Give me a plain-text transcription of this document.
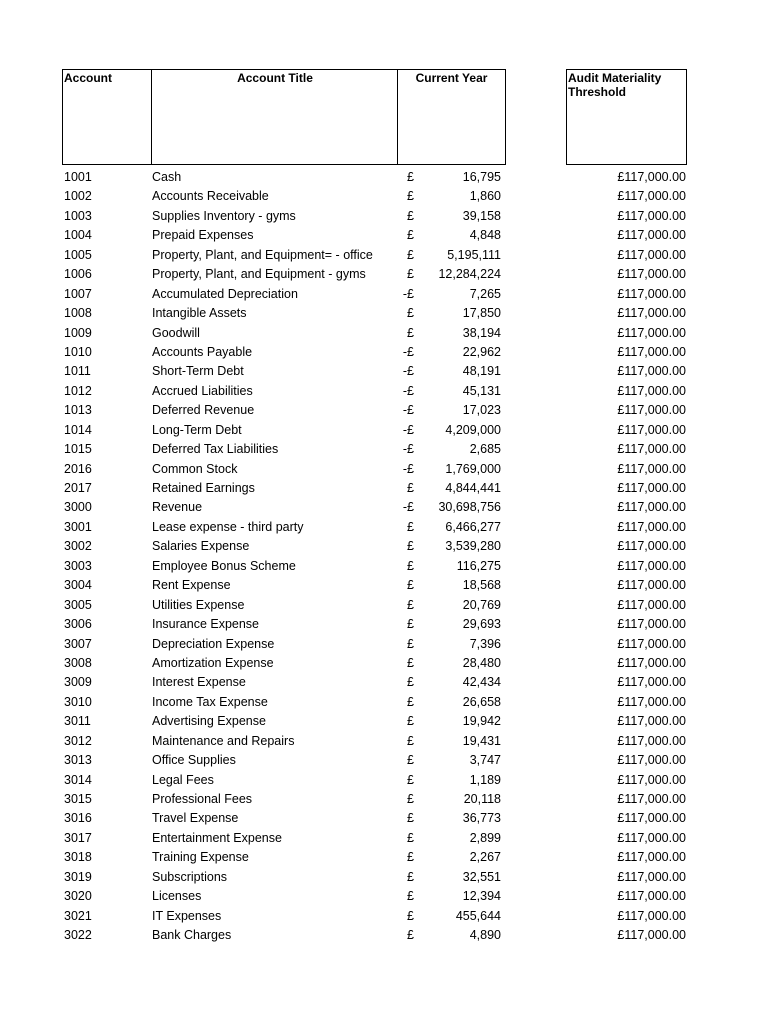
Account	Account Title	Current Year	Audit Materiality Threshold
1001	Cash	£	16,795	£117,000.00
1002	Accounts Receivable	£	1,860	£117,000.00
1003	Supplies Inventory - gyms	£	39,158	£117,000.00
1004	Prepaid Expenses	£	4,848	£117,000.00
1005	Property, Plant, and Equipment= - office	£	5,195,111	£117,000.00
1006	Property, Plant, and Equipment - gyms	£ 12,284,224	£117,000.00
1007	Accumulated Depreciation	-£	7,265	£117,000.00
1008	Intangible Assets	£	17,850	£117,000.00
1009	Goodwill	£	38,194	£117,000.00
1010	Accounts Payable	-£	22,962	£117,000.00
1011	Short-Term Debt	-£	48,191	£117,000.00
1012	Accrued Liabilities	-£	45,131	£117,000.00
1013	Deferred Revenue	-£	17,023	£117,000.00
1014	Long-Term Debt	-£	4,209,000	£117,000.00
1015	Deferred Tax Liabilities	-£	2,685	£117,000.00
2016	Common Stock	-£	1,769,000	£117,000.00
2017	Retained Earnings	£	4,844,441	£117,000.00
3000	Revenue	-£ 30,698,756	£117,000.00
3001	Lease expense - third party	£	6,466,277	£117,000.00
3002	Salaries Expense	£	3,539,280	£117,000.00
3003	Employee Bonus Scheme	£	116,275	£117,000.00
3004	Rent Expense	£	18,568	£117,000.00
3005	Utilities Expense	£	20,769	£117,000.00
3006	Insurance Expense	£	29,693	£117,000.00
3007	Depreciation Expense	£	7,396	£117,000.00
3008	Amortization Expense	£	28,480	£117,000.00
3009	Interest Expense	£	42,434	£117,000.00
3010	Income Tax Expense	£	26,658	£117,000.00
3011	Advertising Expense	£	19,942	£117,000.00
3012	Maintenance and Repairs	£	19,431	£117,000.00
3013	Office Supplies	£	3,747	£117,000.00
3014	Legal Fees	£	1,189	£117,000.00
3015	Professional Fees	£	20,118	£117,000.00
3016	Travel Expense	£	36,773	£117,000.00
3017	Entertainment Expense	£	2,899	£117,000.00
3018	Training Expense	£	2,267	£117,000.00
3019	Subscriptions	£	32,551	£117,000.00
3020	Licenses	£	12,394	£117,000.00
3021	IT Expenses	£	455,644	£117,000.00
3022	Bank Charges	£	4,890	£117,000.00
